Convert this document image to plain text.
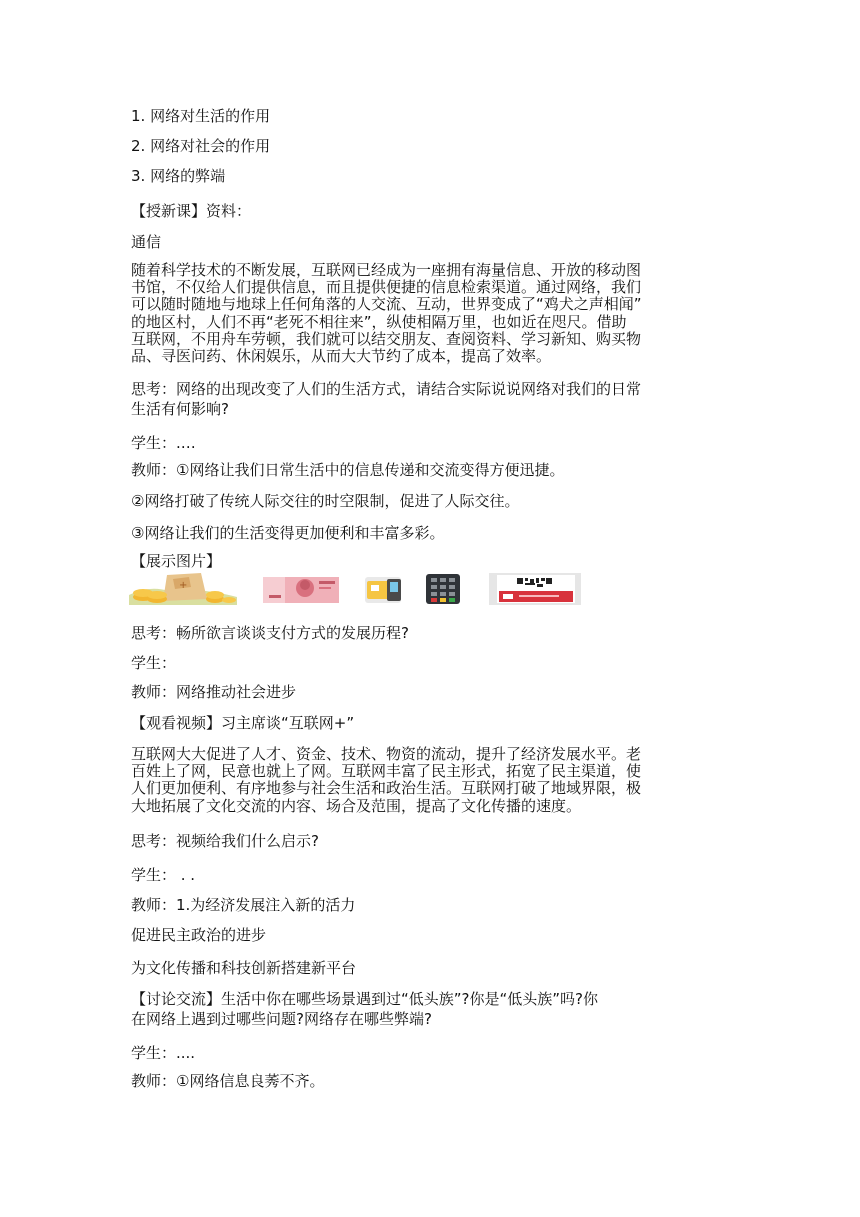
1. 网络对生活的作用

2. 网络对社会的作用

3. 网络的弊端

【授新课】资料：

通信

随着科学技术的不断发展，互联网已经成为一座拥有海量信息、开放的移动图
书馆，不仅给人们提供信息，而且提供便捷的信息检索渠道。通过网络，我们
可以随时随地与地球上任何角落的人交流、互动，世界变成了“鸡犬之声相闻”
的地区村，人们不再“老死不相往来”，纵使相隔万里，也如近在咫尺。借助
互联网，不用舟车劳顿，我们就可以结交朋友、查阅资料、学习新知、购买物
品、寻医问药、休闲娱乐，从而大大节约了成本，提高了效率。
思考：网络的出现改变了人们的生活方式，请结合实际说说网络对我们的日常
生活有何影响?

学生：.…

教师：①网络让我们日常生活中的信息传递和交流变得方便迅捷。

②网络打破了传统人际交往的时空限制，促进了人际交往。

③网络让我们的生活变得更加便利和丰富多彩。

【展示图片】

+

思考：畅所欲言谈谈支付方式的发展历程?

学生：

教师：网络推动社会进步

【观看视频】习主席谈“互联网+”

互联网大大促进了人才、资金、技术、物资的流动，提升了经济发展水平。老
百姓上了网，民意也就上了网。互联网丰富了民主形式，拓宽了民主渠道，使
人们更加便利、有序地参与社会生活和政治生活。互联网打破了地域界限，极
大地拓展了文化交流的内容、场合及范围，提高了文化传播的速度。

思考：视频给我们什么启示?

学生： . .

教师：1.为经济发展注入新的活力

促进民主政治的进步

为文化传播和科技创新搭建新平台

【讨论交流】生活中你在哪些场景遇到过“低头族”?你是“低头族”吗?你
在网络上遇到过哪些问题?网络存在哪些弊端?

学生：....

教师：①网络信息良莠不齐。
